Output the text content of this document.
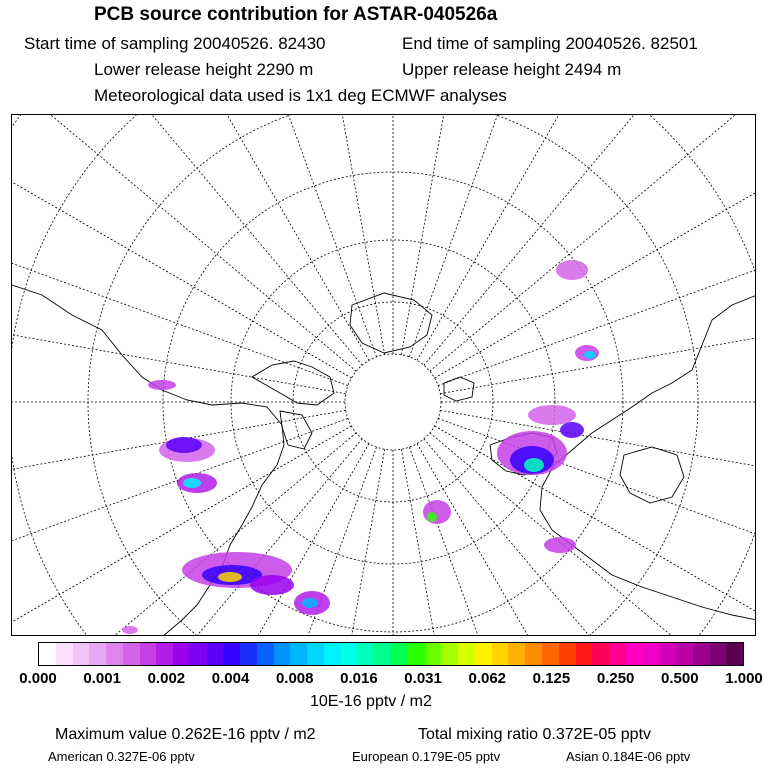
PCB source contribution for ASTAR-040526a
Start time of sampling 20040526. 82430	End time of sampling 20040526. 82501
Lower release height 2290 m	Upper release height 2494 m
Meteorological data used is 1x1 deg ECMWF analyses
0.000 0.001 0.002 0.004 0.008 0.016 0.031 0.062 0.125 0.250 0.500 1.000
10E-16 pptv / m2
Maximum value 0.262E-16 pptv / m2	Total mixing ratio 0.372E-05 pptv
American 0.327E-06 pptv	European 0.179E-05 pptv	Asian 0.184E-06 pptv
